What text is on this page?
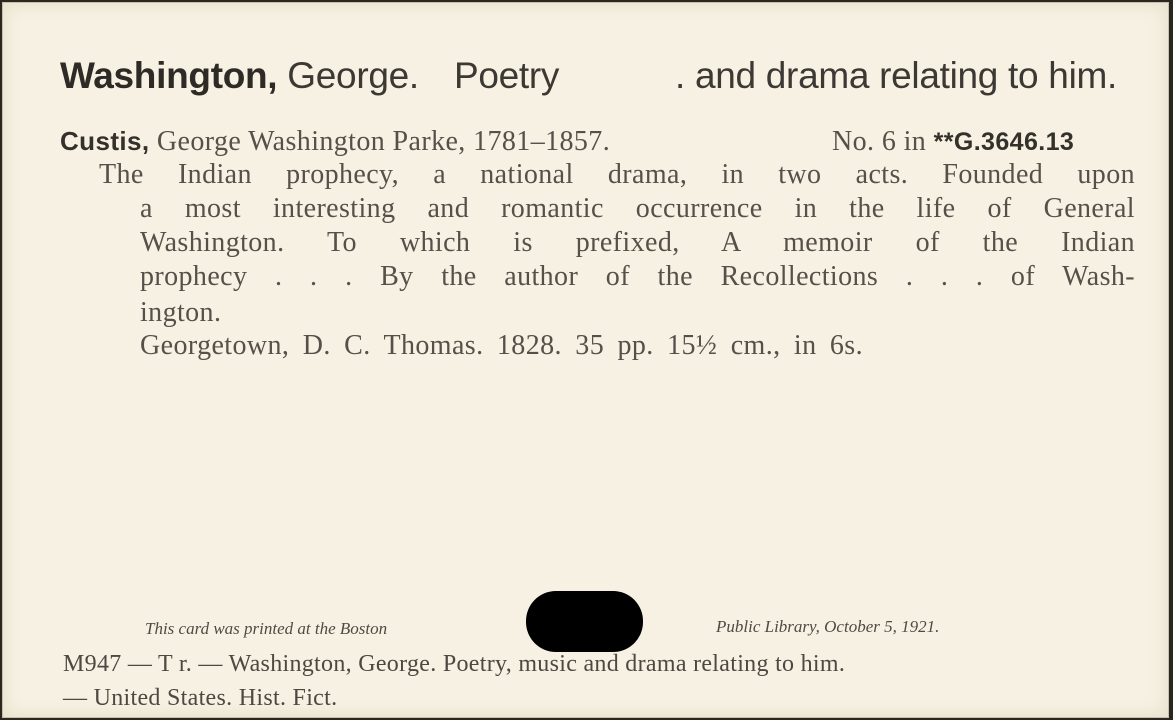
Washington, George. Poetry	. and drama relating to him.
Custis, George Washington Parke, 1781–1857.	No. 6 in **G.3646.13
The Indian prophecy, a national drama, in two acts. Founded upon
a most interesting and romantic occurrence in the life of General
Washington. To which is prefixed, A memoir of the Indian
prophecy . . . By the author of the Recollections . . . of Wash-
ington.
Georgetown, D. C. Thomas. 1828. 35 pp. 15½ cm., in 6s.
This card was printed at the Boston	Public Library, October 5, 1921.
M947 — T r. — Washington, George. Poetry, music and drama relating to him.
— United States. Hist. Fict.
